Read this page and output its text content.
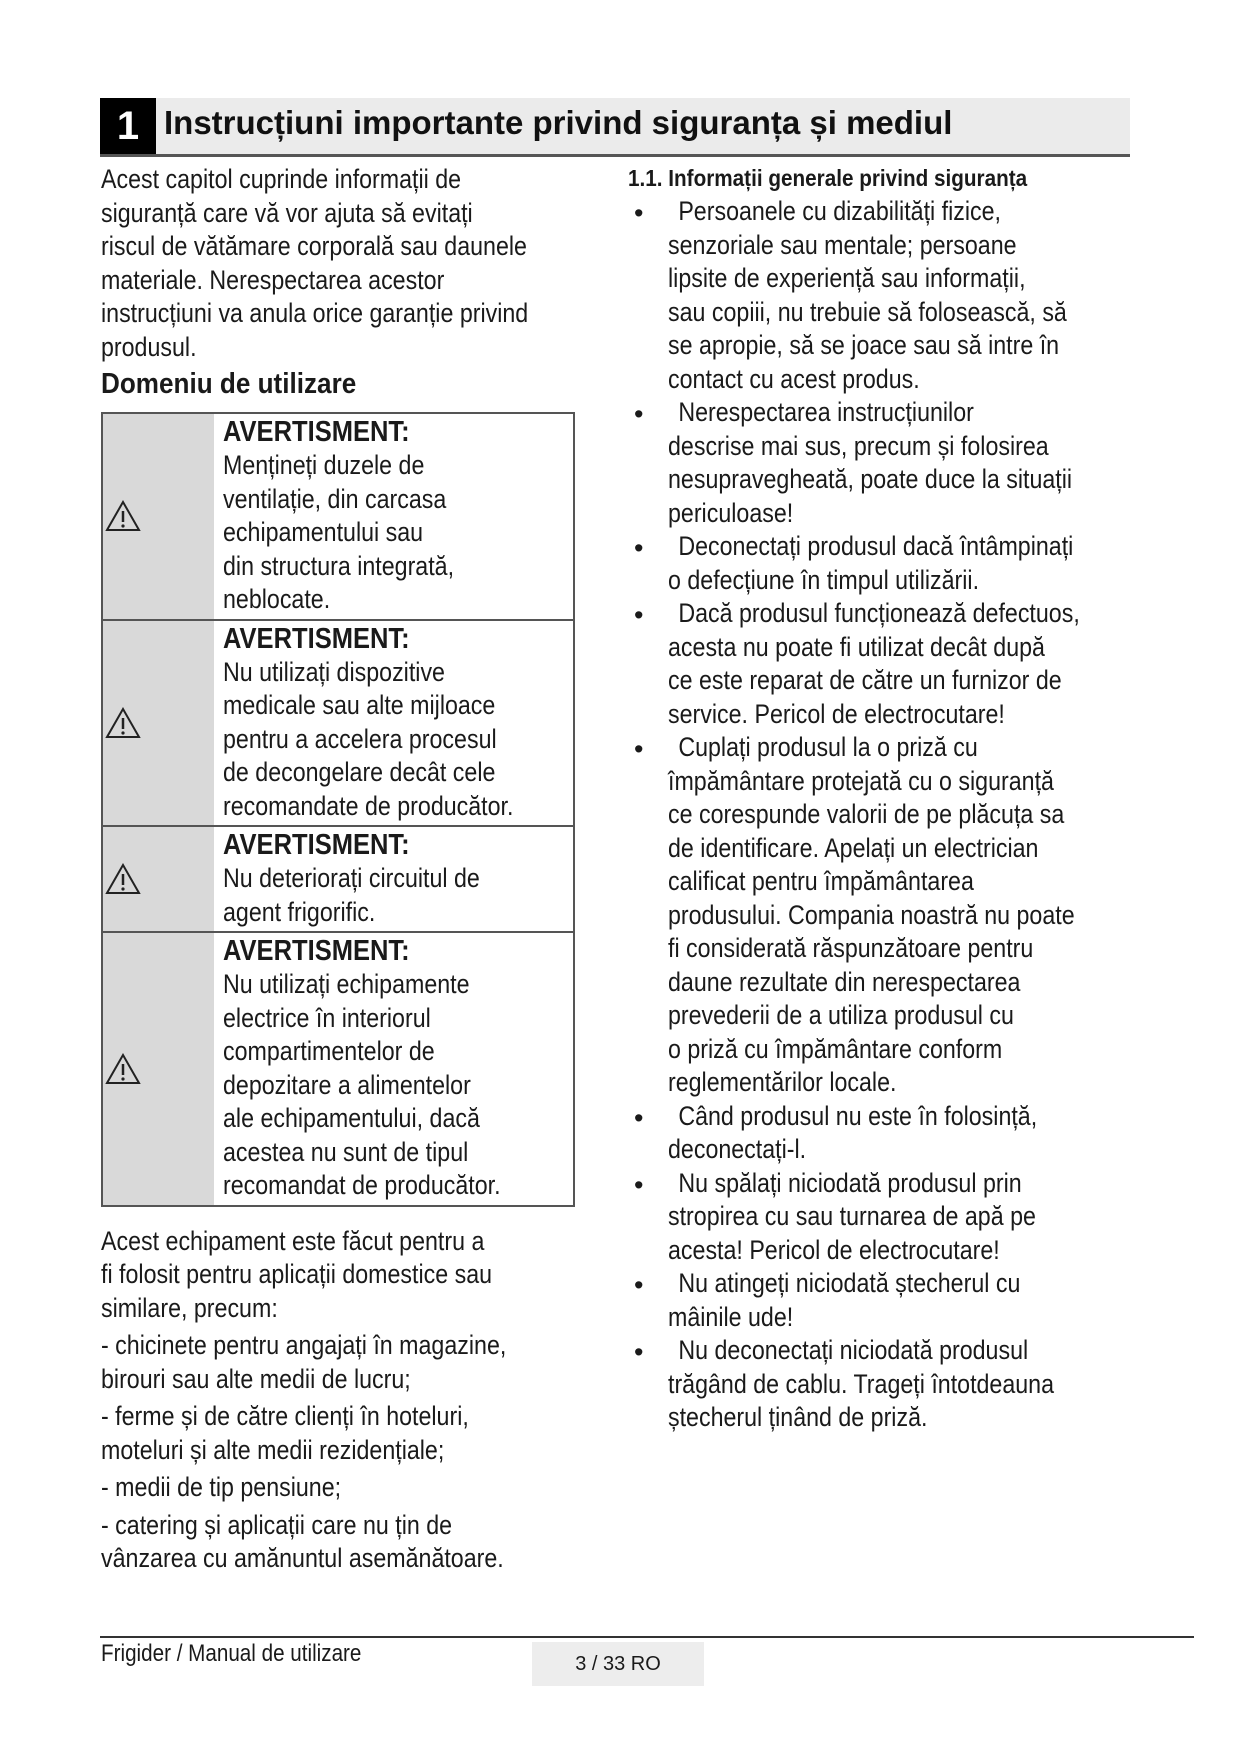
1 Instrucțiuni importante privind siguranța și mediul
Acest capitol cuprinde informații de
siguranță care vă vor ajuta să evitați
riscul de vătămare corporală sau daunele
materiale. Nerespectarea acestor
instrucțiuni va anula orice garanție privind
produsul.
Domeniu de utilizare
AVERTISMENT:
Mențineți duzele de
ventilație, din carcasa
echipamentului sau
din structura integrată,
neblocate.
AVERTISMENT:
Nu utilizați dispozitive
medicale sau alte mijloace
pentru a accelera procesul
de decongelare decât cele
recomandate de producător.
AVERTISMENT:
Nu deteriorați circuitul de
agent frigorific.
AVERTISMENT:
Nu utilizați echipamente
electrice în interiorul
compartimentelor de
depozitare a alimentelor
ale echipamentului, dacă
acestea nu sunt de tipul
recomandat de producător.
Acest echipament este făcut pentru a
fi folosit pentru aplicații domestice sau
similare, precum:
- chicinete pentru angajați în magazine,
birouri sau alte medii de lucru;
- ferme și de către clienți în hoteluri,
moteluri și alte medii rezidențiale;
- medii de tip pensiune;
- catering și aplicații care nu țin de
vânzarea cu amănuntul asemănătoare.
1.1. Informații generale privind siguranța
•	Persoanele cu dizabilități fizice,
senzoriale sau mentale; persoane
lipsite de experiență sau informații,
sau copiii, nu trebuie să folosească, să
se apropie, să se joace sau să intre în
contact cu acest produs.
•	Nerespectarea instrucțiunilor
descrise mai sus, precum și folosirea
nesupravegheată, poate duce la situații
periculoase!
•	Deconectați produsul dacă întâmpinați
o defecțiune în timpul utilizării.
•	Dacă produsul funcționează defectuos,
acesta nu poate fi utilizat decât după
ce este reparat de către un furnizor de
service. Pericol de electrocutare!
•	Cuplați produsul la o priză cu
împământare protejată cu o siguranță
ce corespunde valorii de pe plăcuța sa
de identificare. Apelați un electrician
calificat pentru împământarea
produsului. Compania noastră nu poate
fi considerată răspunzătoare pentru
daune rezultate din nerespectarea
prevederii de a utiliza produsul cu
o priză cu împământare conform
reglementărilor locale.
•	Când produsul nu este în folosință,
deconectați-l.
•	Nu spălați niciodată produsul prin
stropirea cu sau turnarea de apă pe
acesta! Pericol de electrocutare!
•	Nu atingeți niciodată ștecherul cu
mâinile ude!
•	Nu deconectați niciodată produsul
trăgând de cablu. Trageți întotdeauna
ștecherul ținând de priză.
Frigider / Manual de utilizare	3 / 33 RO
